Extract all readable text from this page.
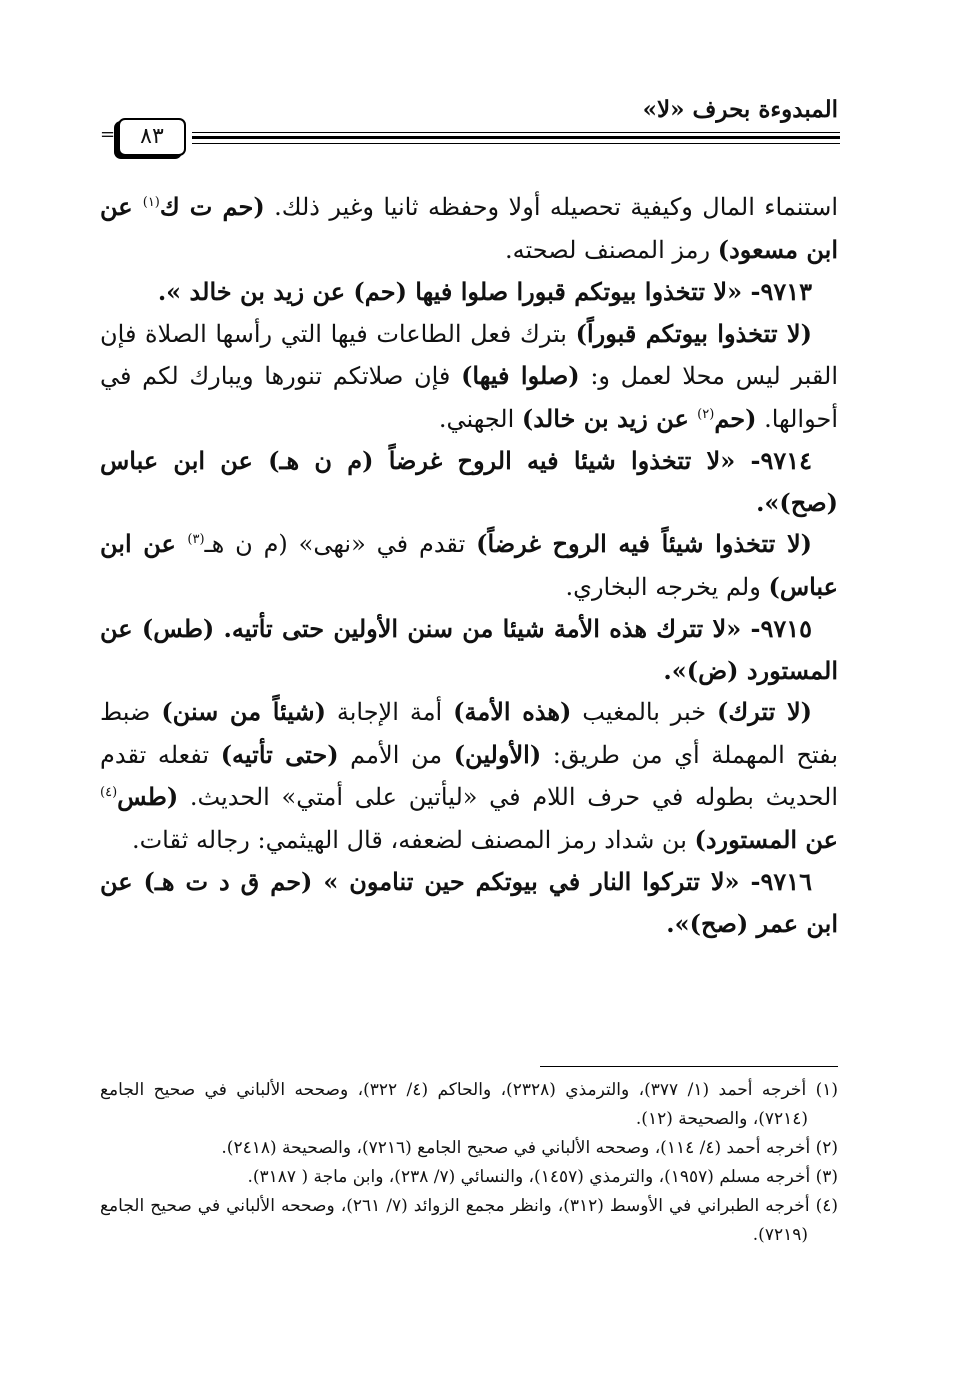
المبدوءة بحرف «لا»
=	٨٣

استنماء المال وكيفية تحصيله أولا وحفظه ثانيا وغير ذلك. (حم ت ك$^{(١)}$ عن ابن مسعود) رمز المصنف لصحته.

٩٧١٣- «لا تتخذوا بيوتكم قبورا صلوا فيها (حم) عن زيد بن خالد ».

(لا تتخذوا بيوتكم قبوراً) بترك فعل الطاعات فيها التي رأسها الصلاة فإن القبر ليس محلا لعمل و: (صلوا فيها) فإن صلاتكم تنورها ويبارك لكم في أحوالها. (حم$^{(٢)}$ عن زيد بن خالد) الجهني.

٩٧١٤- «لا تتخذوا شيئا فيه الروح غرضاً (م ن هـ) عن ابن عباس (صح)».

(لا تتخذوا شيئاً فيه الروح غرضاً) تقدم في «نهى» (م ن هـ$^{(٣)}$ عن ابن عباس) ولم يخرجه البخاري.

٩٧١٥- «لا تترك هذه الأمة شيئا من سنن الأولين حتى تأتيه. (طس) عن المستورد (ض)».

(لا تترك) خبر بالمغيب (هذه الأمة) أمة الإجابة (شيئاً من سنن) ضبط بفتح المهملة أي من طريق: (الأولين) من الأمم (حتى تأتيه) تفعله تقدم الحديث بطوله في حرف اللام في «ليأتين على أمتي» الحديث. (طس$^{(٤)}$ عن المستورد) بن شداد رمز المصنف لضعفه، قال الهيثمي: رجاله ثقات.

٩٧١٦- «لا تتركوا النار في بيوتكم حين تنامون » (حم ق د ت هـ) عن ابن عمر (صح)».

(١) أخرجه أحمد (١/ ٣٧٧)، والترمذي (٢٣٢٨)، والحاكم (٤/ ٣٢٢)، وصححه الألباني في صحيح الجامع (٧٢١٤)، والصحيحة (١٢).

(٢) أخرجه أحمد (٤/ ١١٤)، وصححه الألباني في صحيح الجامع (٧٢١٦)، والصحيحة (٢٤١٨).

(٣) أخرجه مسلم (١٩٥٧)، والترمذي (١٤٥٧)، والنسائي (٧/ ٢٣٨)، وابن ماجة ( ٣١٨٧).

(٤) أخرجه الطبراني في الأوسط (٣١٢)، وانظر مجمع الزوائد (٧/ ٢٦١)، وصححه الألباني في صحيح الجامع (٧٢١٩).
